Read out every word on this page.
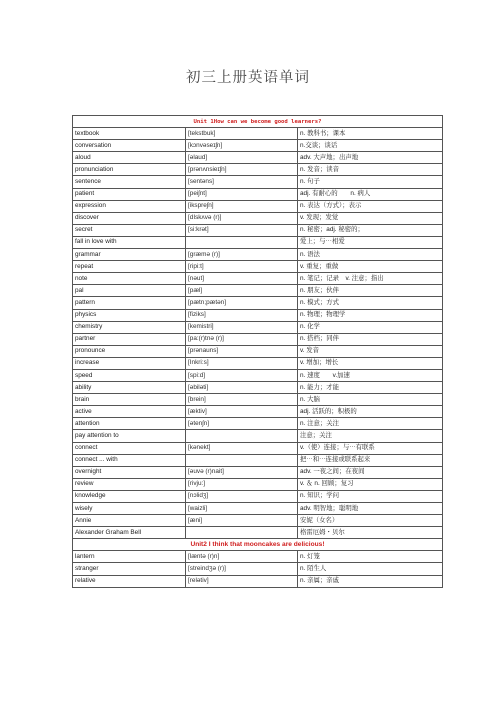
初三上册英语单词
Unit 1How can we become good learners?		
textbook	[tekstbuk]	n. 教科书；课本
conversation	[kɔnvəseɪʃn]	n.交谈；谈话
aloud	[əlaud]	adv. 大声地；出声地
pronunciation	[prənʌnsieɪʃn]	n. 发音；读音
sentence	[sentəns]	n. 句子
patient	[peiʃnt]	adj. 有耐心的　　n. 病人
expression	[iksprеʃn]	n. 表达（方式）；表示
discover	[dIskʌvə (r)]	v. 发现；发觉
secret	[si:krət]	n. 秘密；adj. 秘密的；
fall in love with		爱上；与⋯相爱
grammar	[græmə (r)]	n. 语法
repeat	[ripi:t]	v. 重复；重做
note	[nəut]	n. 笔记；记录　v. 注意；指出
pal	[pæl]	n. 朋友；伙伴
pattern	[pætn;pætən]	n. 模式；方式
physics	[fiziks]	n. 物理；物理学
chemistry	[kemistri]	n. 化学
partner	[pa:(r)tnə (r)]	n. 搭档；同伴
pronounce	[prənauns]	v. 发音
increase	[Inkri:s]	v. 增加；增长
speed	[spi:d]	n. 速度　　v.加速
ability	[əbiləti]	n. 能力；才能
brain	[brein]	n. 大脑
active	[æktiv]	adj. 活跃的；积极的
attention	[ətenʃn]	n. 注意；关注
pay attention to		注意；关注
connect	[kənekt]	v.（使）连接；与⋯有联系
connect ... with		把⋯和⋯连接或联系起来
overnight	[əuvə (r)nait]	adv. 一夜之间；在夜间
review	[rivju:]	v. ＆ n. 回顾；复习
knowledge	[nɔlidʒ]	n. 知识；学问
wisely	[waizli]	adv. 明智地；聪明地
Annie	[æni]	安妮（女名）
Alexander Graham Bell		格雷厄姆・贝尔
Unit2 I think that mooncakes are delicious!		
lantern	[læntə (r)n]	n. 灯笼
stranger	[streindʒə (r)]	n. 陌生人
relative	[relətiv]	n. 亲属；亲戚
